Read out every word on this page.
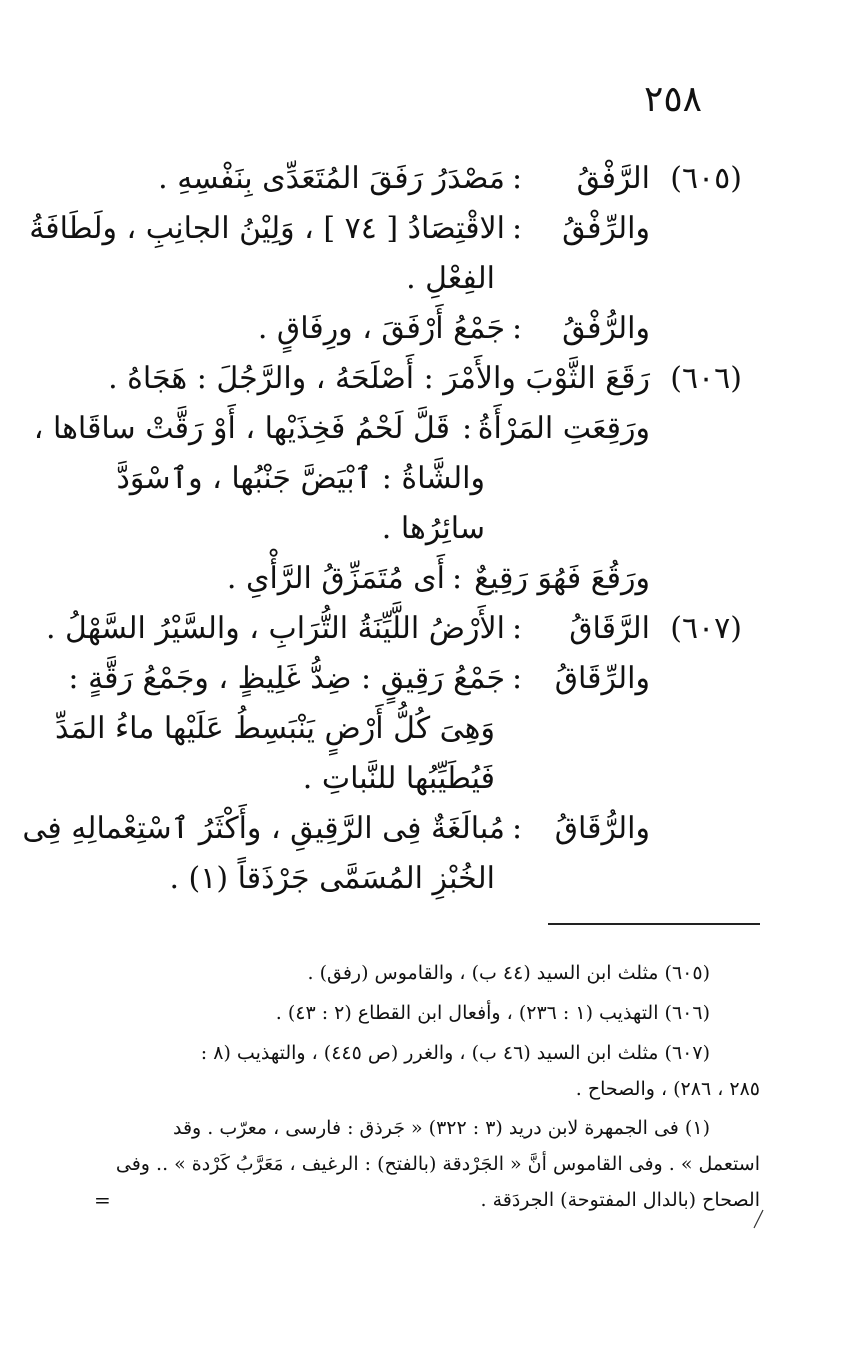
٢٥٨
(٦٠٥)
الرَّفْقُ
:
مَصْدَرُ رَفَقَ المُتَعَدِّى بِنَفْسِهِ .
والرِّفْقُ
:
الاقْتِصَادُ [ ٧٤ ] ، وَلِيْنُ الجانِبِ ، ولَطَافَةُ
الفِعْلِ .
والرُّفْقُ
:
جَمْعُ أَرْفَقَ ، ورِفَاقٍ .
(٦٠٦)
رَقَعَ الثَّوْبَ والأَمْرَ : أَصْلَحَهُ ، والرَّجُلَ : هَجَاهُ .
ورَقِعَتِ المَرْأَةُ
:
قَلَّ لَحْمُ فَخِذَيْها ، أَوْ رَقَّتْ ساقَاها ،
والشَّاةُ : ٱبْيَضَّ جَنْبُها ، وٱسْوَدَّ
سائِرُها .
ورَقُعَ فَهُوَ رَقِيعٌ
:
أَى مُتَمَزِّقُ الرَّأْىِ .
(٦٠٧)
الرَّقَاقُ
:
الأَرْضُ اللَّيِّنَةُ التُّرَابِ ، والسَّيْرُ السَّهْلُ .
والرِّقَاقُ
:
جَمْعُ رَقِيقٍ : ضِدُّ غَلِيظٍ ، وجَمْعُ رَقَّةٍ :
وَهِىَ كُلُّ أَرْضٍ يَنْبَسِطُ عَلَيْها ماءُ المَدِّ
فَيُطَيِّبُها للنَّباتِ .
والرُّقَاقُ
:
مُبالَغَةٌ فِى الرَّقِيقِ ، وأَكْثَرُ ٱسْتِعْمالِهِ فِى
الخُبْزِ المُسَمَّى جَرْذَقاً (١) .
(٦٠٥) مثلث ابن السيد (٤٤ ب) ، والقاموس (رفق) .
(٦٠٦) التهذيب (١ : ٢٣٦) ، وأفعال ابن القطاع (٢ : ٤٣) .
(٦٠٧) مثلث ابن السيد (٤٦ ب) ، والغرر (ص ٤٤٥) ، والتهذيب (٨ :
٢٨٥ ، ٢٨٦) ، والصحاح .
(١) فى الجمهرة لابن دريد (٣ : ٣٢٢) « جَرذق : فارسى ، معرّب . وقد
استعمل » . وفى القاموس أنَّ « الجَرْدقة (بالفتح) : الرغيف ، مَعَرَّبُ كَرْدة » .. وفى
الصحاح (بالدال المفتوحة) الجردَقة .
=
